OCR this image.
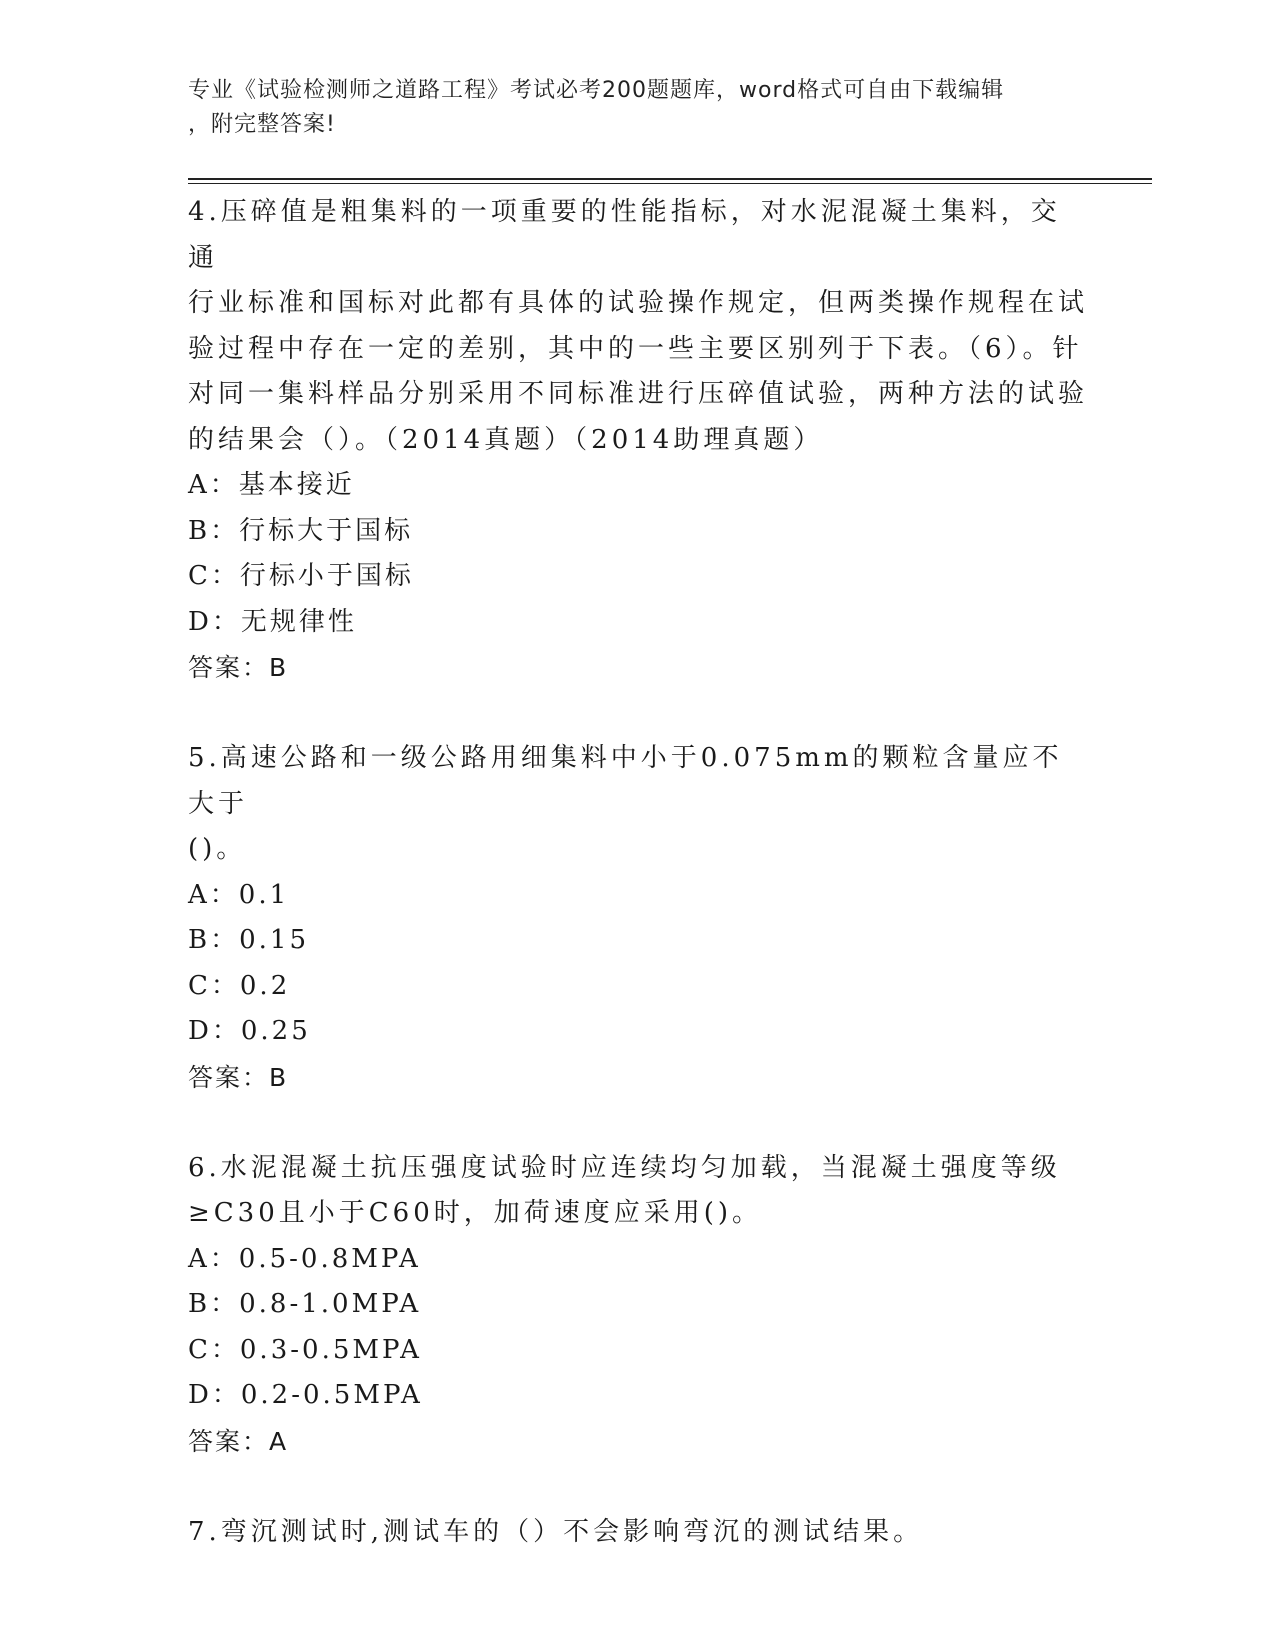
专业《试验检测师之道路工程》考试必考200题题库，word格式可自由下载编辑
，附完整答案!

4.压碎值是粗集料的一项重要的性能指标，对水泥混凝土集料，交通

行业标准和国标对此都有具体的试验操作规定，但两类操作规程在试

验过程中存在一定的差别，其中的一些主要区别列于下表。（6）。针

对同一集料样品分别采用不同标准进行压碎值试验，两种方法的试验

的结果会（）。（2014真题）（2014助理真题）

A：基本接近

B：行标大于国标

C：行标小于国标

D：无规律性

答案：B

5.高速公路和一级公路用细集料中小于0.075mm的颗粒含量应不大于

()。

A：0.1

B：0.15

C：0.2

D：0.25

答案：B

6.水泥混凝土抗压强度试验时应连续均匀加载，当混凝土强度等级

≥C30且小于C60时，加荷速度应采用()。

A：0.5-0.8MPA

B：0.8-1.0MPA

C：0.3-0.5MPA

D：0.2-0.5MPA

答案：A

7.弯沉测试时,测试车的（）不会影响弯沉的测试结果。
